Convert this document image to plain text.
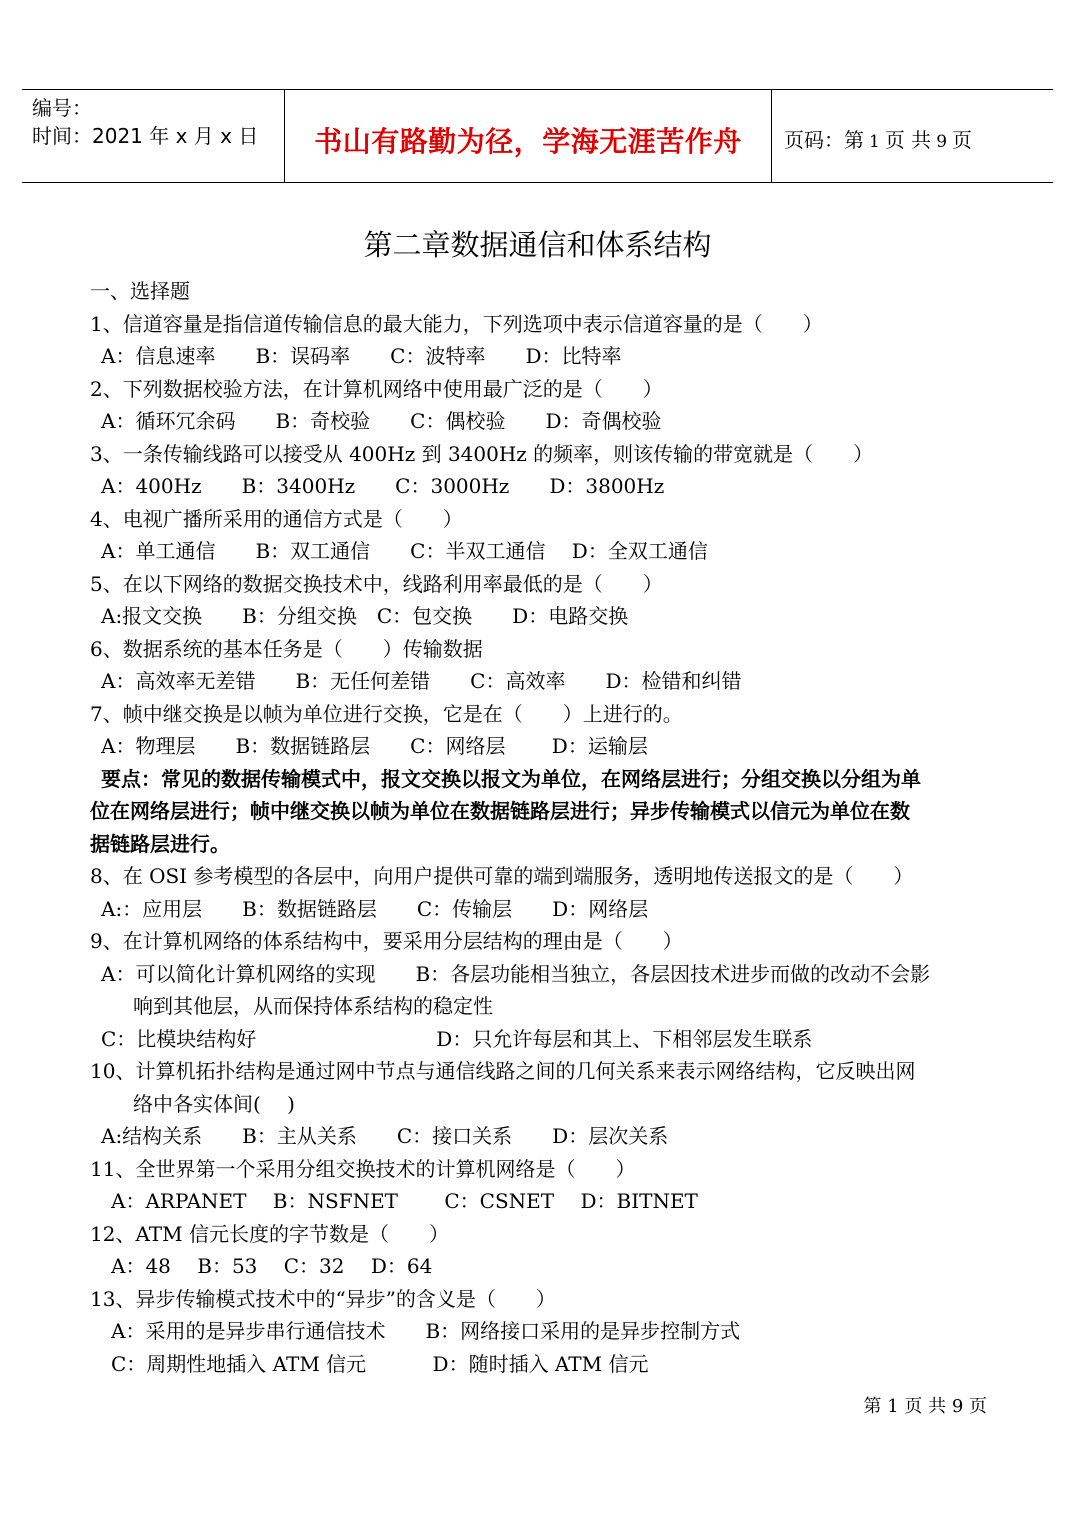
编号：
时间：2021 年 x 月 x 日	书山有路勤为径，学海无涯苦作舟	页码：第 1 页 共 9 页
第二章数据通信和体系结构
一、选择题
1、信道容量是指信道传输信息的最大能力，下列选项中表示信道容量的是（　　）
A：信息速率　　B：误码率　　C：波特率　　D：比特率
2、下列数据校验方法，在计算机网络中使用最广泛的是（　　）
A：循环冗余码　　B：奇校验　　C：偶校验　　D：奇偶校验
3、一条传输线路可以接受从 400Hz 到 3400Hz 的频率，则该传输的带宽就是（　　）
A：400Hz　　B：3400Hz　　C：3000Hz　　D：3800Hz
4、电视广播所采用的通信方式是（　　）
A：单工通信　　B：双工通信　　C：半双工通信　 D：全双工通信
5、在以下网络的数据交换技术中，线路利用率最低的是（　　）
A:报文交换　　B：分组交换　C：包交换　　D：电路交换
6、数据系统的基本任务是（　　）传输数据
A：高效率无差错　　B：无任何差错　　C：高效率　　D：检错和纠错
7、帧中继交换是以帧为单位进行交换，它是在（　　）上进行的。
A：物理层　　B：数据链路层　　C：网络层　　 D：运输层
要点：常见的数据传输模式中，报文交换以报文为单位，在网络层进行；分组交换以分组为单
位在网络层进行；帧中继交换以帧为单位在数据链路层进行；异步传输模式以信元为单位在数
据链路层进行。
8、在 OSI 参考模型的各层中，向用户提供可靠的端到端服务，透明地传送报文的是（　　）
A:：应用层　　B：数据链路层　　C：传输层　　D：网络层
9、在计算机网络的体系结构中，要采用分层结构的理由是（　　）
A：可以简化计算机网络的实现　　B：各层功能相当独立，各层因技术进步而做的改动不会影
响到其他层，从而保持体系结构的稳定性
C：比模块结构好　　　　　　　　　D：只允许每层和其上、下相邻层发生联系
10、计算机拓扑结构是通过网中节点与通信线路之间的几何关系来表示网络结构，它反映出网
络中各实体间(　 )
A:结构关系　　B：主从关系　　C：接口关系　　D：层次关系
11、全世界第一个采用分组交换技术的计算机网络是（　　）
A：ARPANET　 B：NSFNET　　 C：CSNET　 D：BITNET
12、ATM 信元长度的字节数是（　　）
A：48　 B：53　 C：32　 D：64
13、异步传输模式技术中的“异步”的含义是（　　）
A：采用的是异步串行通信技术　　B：网络接口采用的是异步控制方式
C：周期性地插入 ATM 信元　　　 D：随时插入 ATM 信元
第 1 页 共 9 页
